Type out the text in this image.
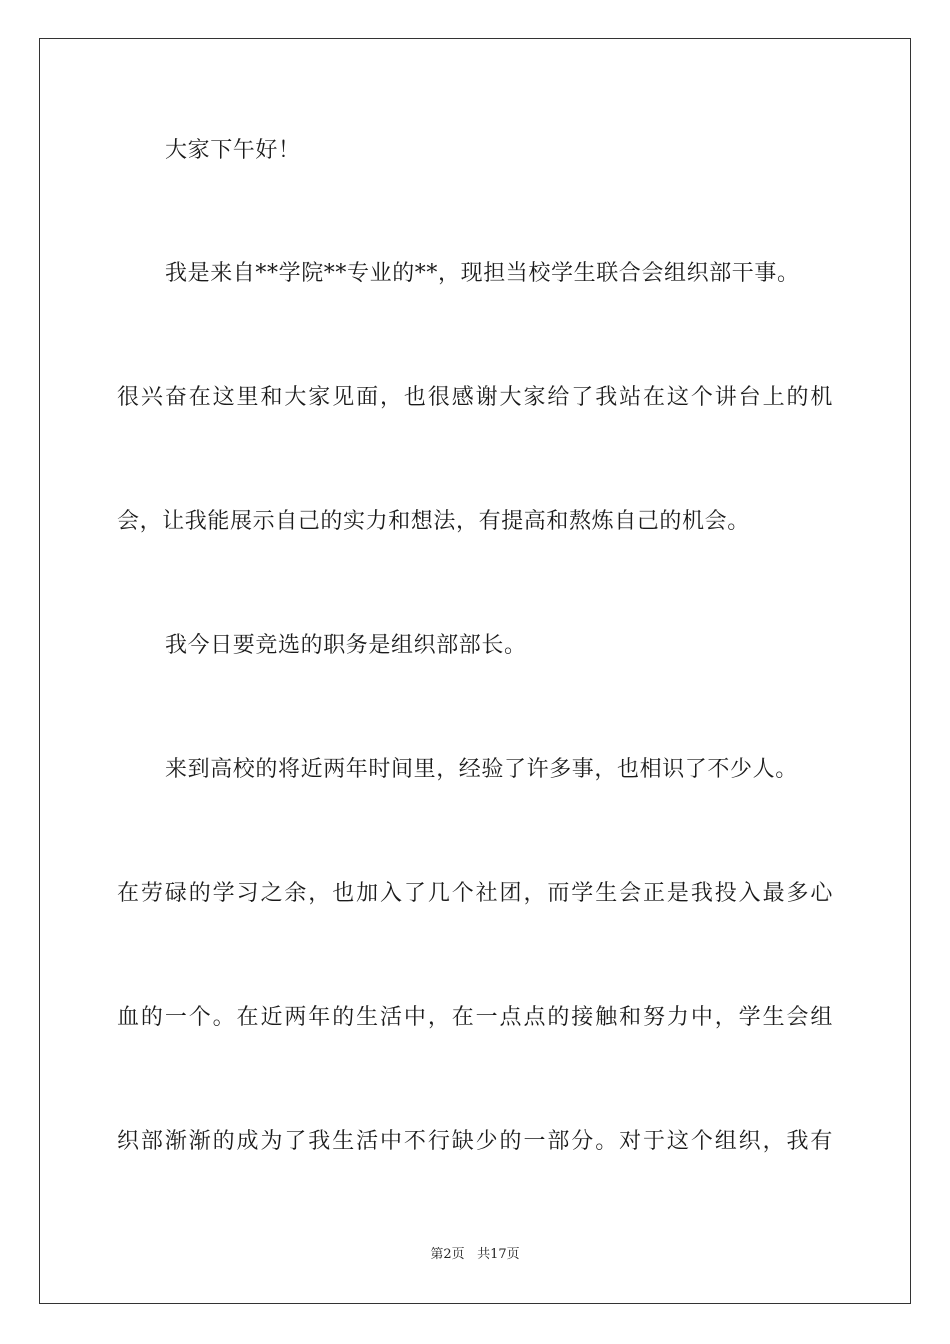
大家下午好！
我是来自**学院**专业的**，现担当校学生联合会组织部干事。
很兴奋在这里和大家见面，也很感谢大家给了我站在这个讲台上的机
会，让我能展示自己的实力和想法，有提高和熬炼自己的机会。
我今日要竞选的职务是组织部部长。
来到高校的将近两年时间里，经验了许多事，也相识了不少人。
在劳碌的学习之余，也加入了几个社团，而学生会正是我投入最多心
血的一个。在近两年的生活中，在一点点的接触和努力中，学生会组
织部渐渐的成为了我生活中不行缺少的一部分。对于这个组织，我有
第2页 共17页
